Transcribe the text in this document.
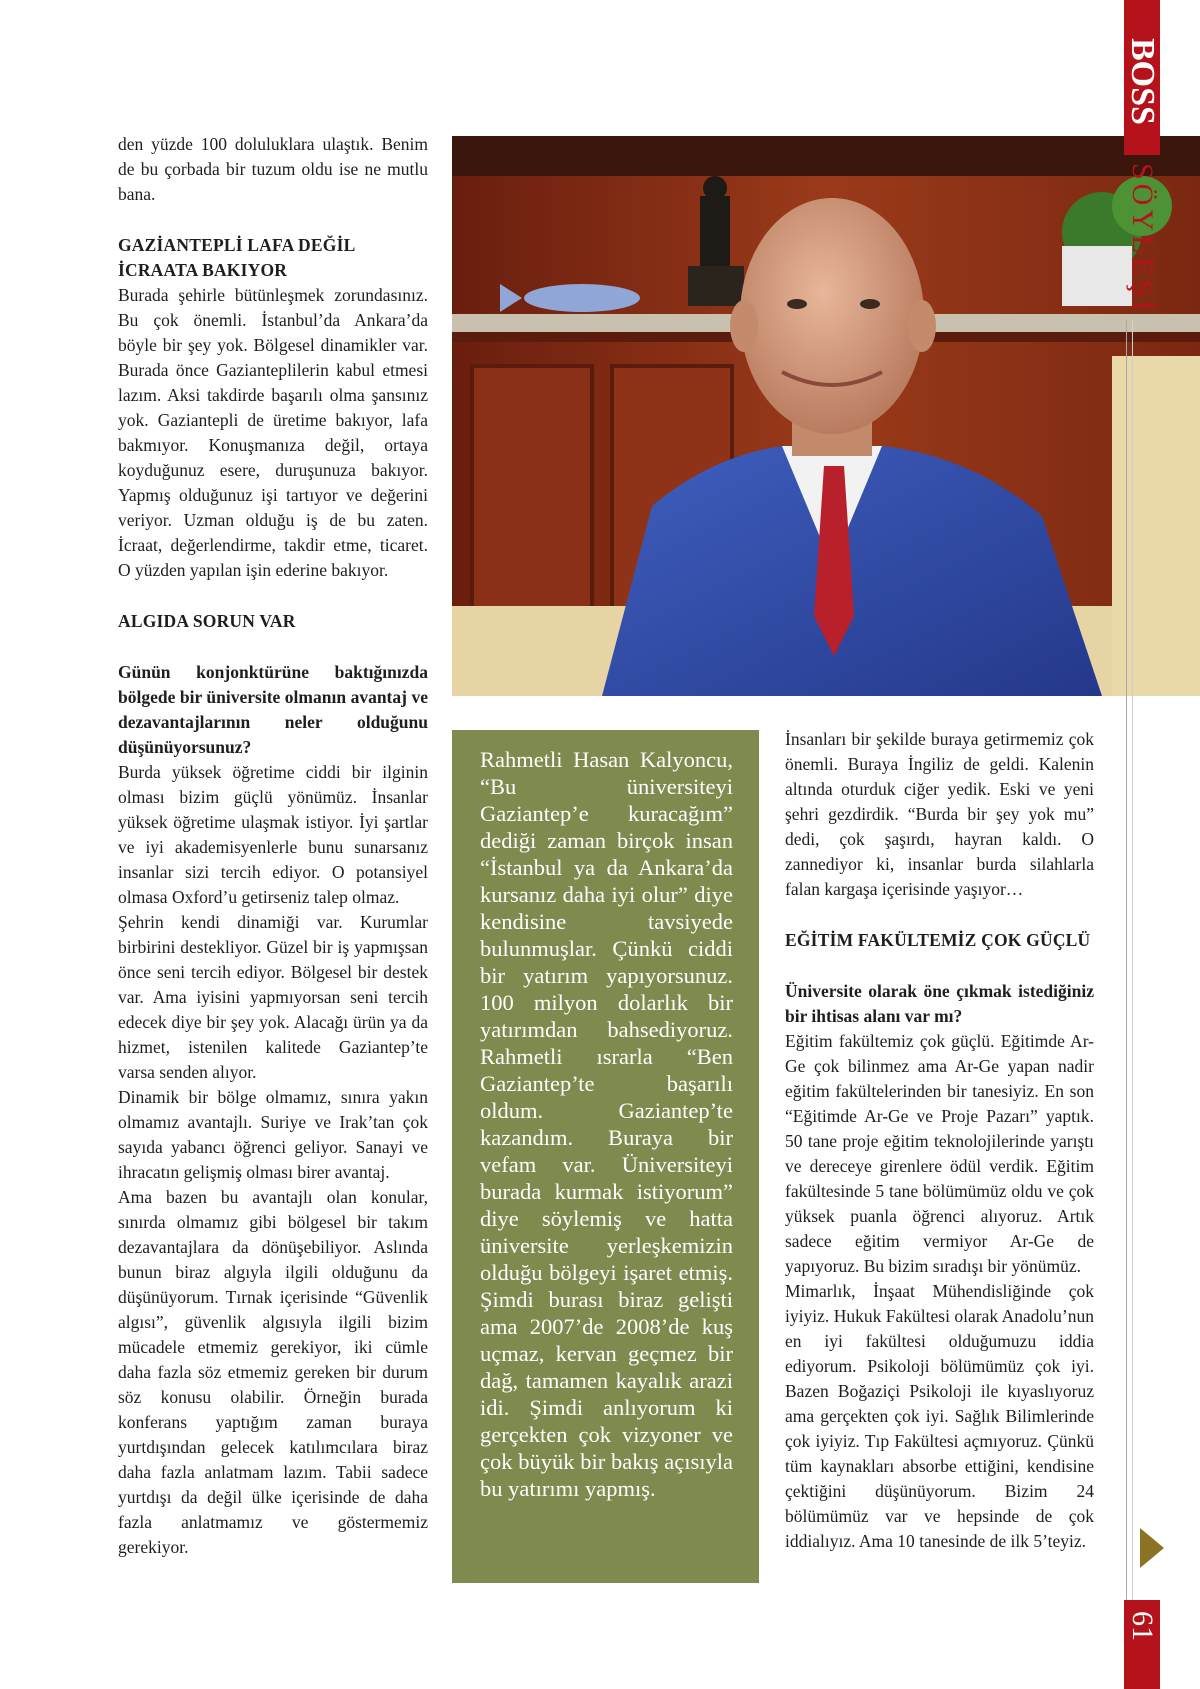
den yüzde 100 doluluklara ulaştık. Benim de bu çorbada bir tuzum oldu ise ne mutlu bana.

GAZİANTEPLİ LAFA DEĞİL İCRAATA BAKIYOR

Burada şehirle bütünleşmek zorundasınız. Bu çok önemli. İstanbul’da Ankara’da böyle bir şey yok. Bölgesel dinamikler var. Burada önce Gazianteplilerin kabul etmesi lazım. Aksi takdirde başarılı olma şansınız yok. Gaziantepli de üretime bakıyor, lafa bakmıyor. Konuşmanıza değil, ortaya koyduğunuz esere, duruşunuza bakıyor. Yapmış olduğunuz işi tartıyor ve değerini veriyor. Uzman olduğu iş de bu zaten. İcraat, değerlendirme, takdir etme, ticaret. O yüzden yapılan işin ederine bakıyor.

ALGIDA SORUN VAR

Günün konjonktürüne baktığınızda bölgede bir üniversite olmanın avantaj ve dezavantajlarının neler olduğunu düşünüyorsunuz?

Burda yüksek öğretime ciddi bir ilginin olması bizim güçlü yönümüz. İnsanlar yüksek öğretime ulaşmak istiyor. İyi şartlar ve iyi akademisyenlerle bunu sunarsanız insanlar sizi tercih ediyor. O potansiyel olmasa Oxford’u getirseniz talep olmaz.

Şehrin kendi dinamiği var. Kurumlar birbirini destekliyor. Güzel bir iş yapmışsan önce seni tercih ediyor. Bölgesel bir destek var. Ama iyisini yapmıyorsan seni tercih edecek diye bir şey yok. Alacağı ürün ya da hizmet, istenilen kalitede Gaziantep’te varsa senden alıyor.

Dinamik bir bölge olmamız, sınıra yakın olmamız avantajlı. Suriye ve Irak’tan çok sayıda yabancı öğrenci geliyor. Sanayi ve ihracatın gelişmiş olması birer avantaj.

Ama bazen bu avantajlı olan konular, sınırda olmamız gibi bölgesel bir takım dezavantajlara da dönüşebiliyor. Aslında bunun biraz algıyla ilgili olduğunu da düşünüyorum. Tırnak içerisinde “Güvenlik algısı”, güvenlik algısıyla ilgili bizim mücadele etmemiz gerekiyor, iki cümle daha fazla söz etmemiz gereken bir durum söz konusu olabilir. Örneğin burada konferans yaptığım zaman buraya yurtdışından gelecek katılımcılara biraz daha fazla anlatmam lazım. Tabii sadece yurtdışı da değil ülke içerisinde de daha fazla anlatmamız ve göstermemiz gerekiyor.

Rahmetli Hasan Kalyoncu, “Bu üniversiteyi Gaziantep’e kuracağım” dediği zaman birçok insan “İstanbul ya da Ankara’da kursanız daha iyi olur” diye kendisine tavsiyede bulunmuşlar. Çünkü ciddi bir yatırım yapıyorsunuz. 100 milyon dolarlık bir yatırımdan bahsediyoruz. Rahmetli ısrarla “Ben Gaziantep’te başarılı oldum. Gaziantep’te kazandım. Buraya bir vefam var. Üniversiteyi burada kurmak istiyorum” diye söylemiş ve hatta üniversite yerleşkemizin olduğu bölgeyi işaret etmiş. Şimdi burası biraz gelişti ama 2007’de 2008’de kuş uçmaz, kervan geçmez bir dağ, tamamen kayalık arazi idi. Şimdi anlıyorum ki gerçekten çok vizyoner ve çok büyük bir bakış açısıyla bu yatırımı yapmış.

İnsanları bir şekilde buraya getirmemiz çok önemli. Buraya İngiliz de geldi. Kalenin altında oturduk ciğer yedik. Eski ve yeni şehri gezdirdik. “Burda bir şey yok mu” dedi, çok şaşırdı, hayran kaldı. O zannediyor ki, insanlar burda silahlarla falan kargaşa içerisinde yaşıyor…

EĞİTİM FAKÜLTEMİZ ÇOK GÜÇLÜ

Üniversite olarak öne çıkmak istediğiniz bir ihtisas alanı var mı?

Eğitim fakültemiz çok güçlü. Eğitimde Ar-Ge çok bilinmez ama Ar-Ge yapan nadir eğitim fakültelerinden bir tanesiyiz. En son “Eğitimde Ar-Ge ve Proje Pazarı” yaptık. 50 tane proje eğitim teknolojilerinde yarıştı ve dereceye girenlere ödül verdik. Eğitim fakültesinde 5 tane bölümümüz oldu ve çok yüksek puanla öğrenci alıyoruz. Artık sadece eğitim vermiyor Ar-Ge de yapıyoruz. Bu bizim sıradışı bir yönümüz.

Mimarlık, İnşaat Mühendisliğinde çok iyiyiz. Hukuk Fakültesi olarak Anadolu’nun en iyi fakültesi olduğumuzu iddia ediyorum. Psikoloji bölümümüz çok iyi. Bazen Boğaziçi Psikoloji ile kıyaslıyoruz ama gerçekten çok iyi. Sağlık Bilimlerinde çok iyiyiz. Tıp Fakültesi açmıyoruz. Çünkü tüm kaynakları absorbe ettiğini, kendisine çektiğini düşünüyorum. Bizim 24 bölümümüz var ve hepsinde de çok iddialıyız. Ama 10 tanesinde de ilk 5’teyiz.

BOSS
SÖYLEŞİ
61
